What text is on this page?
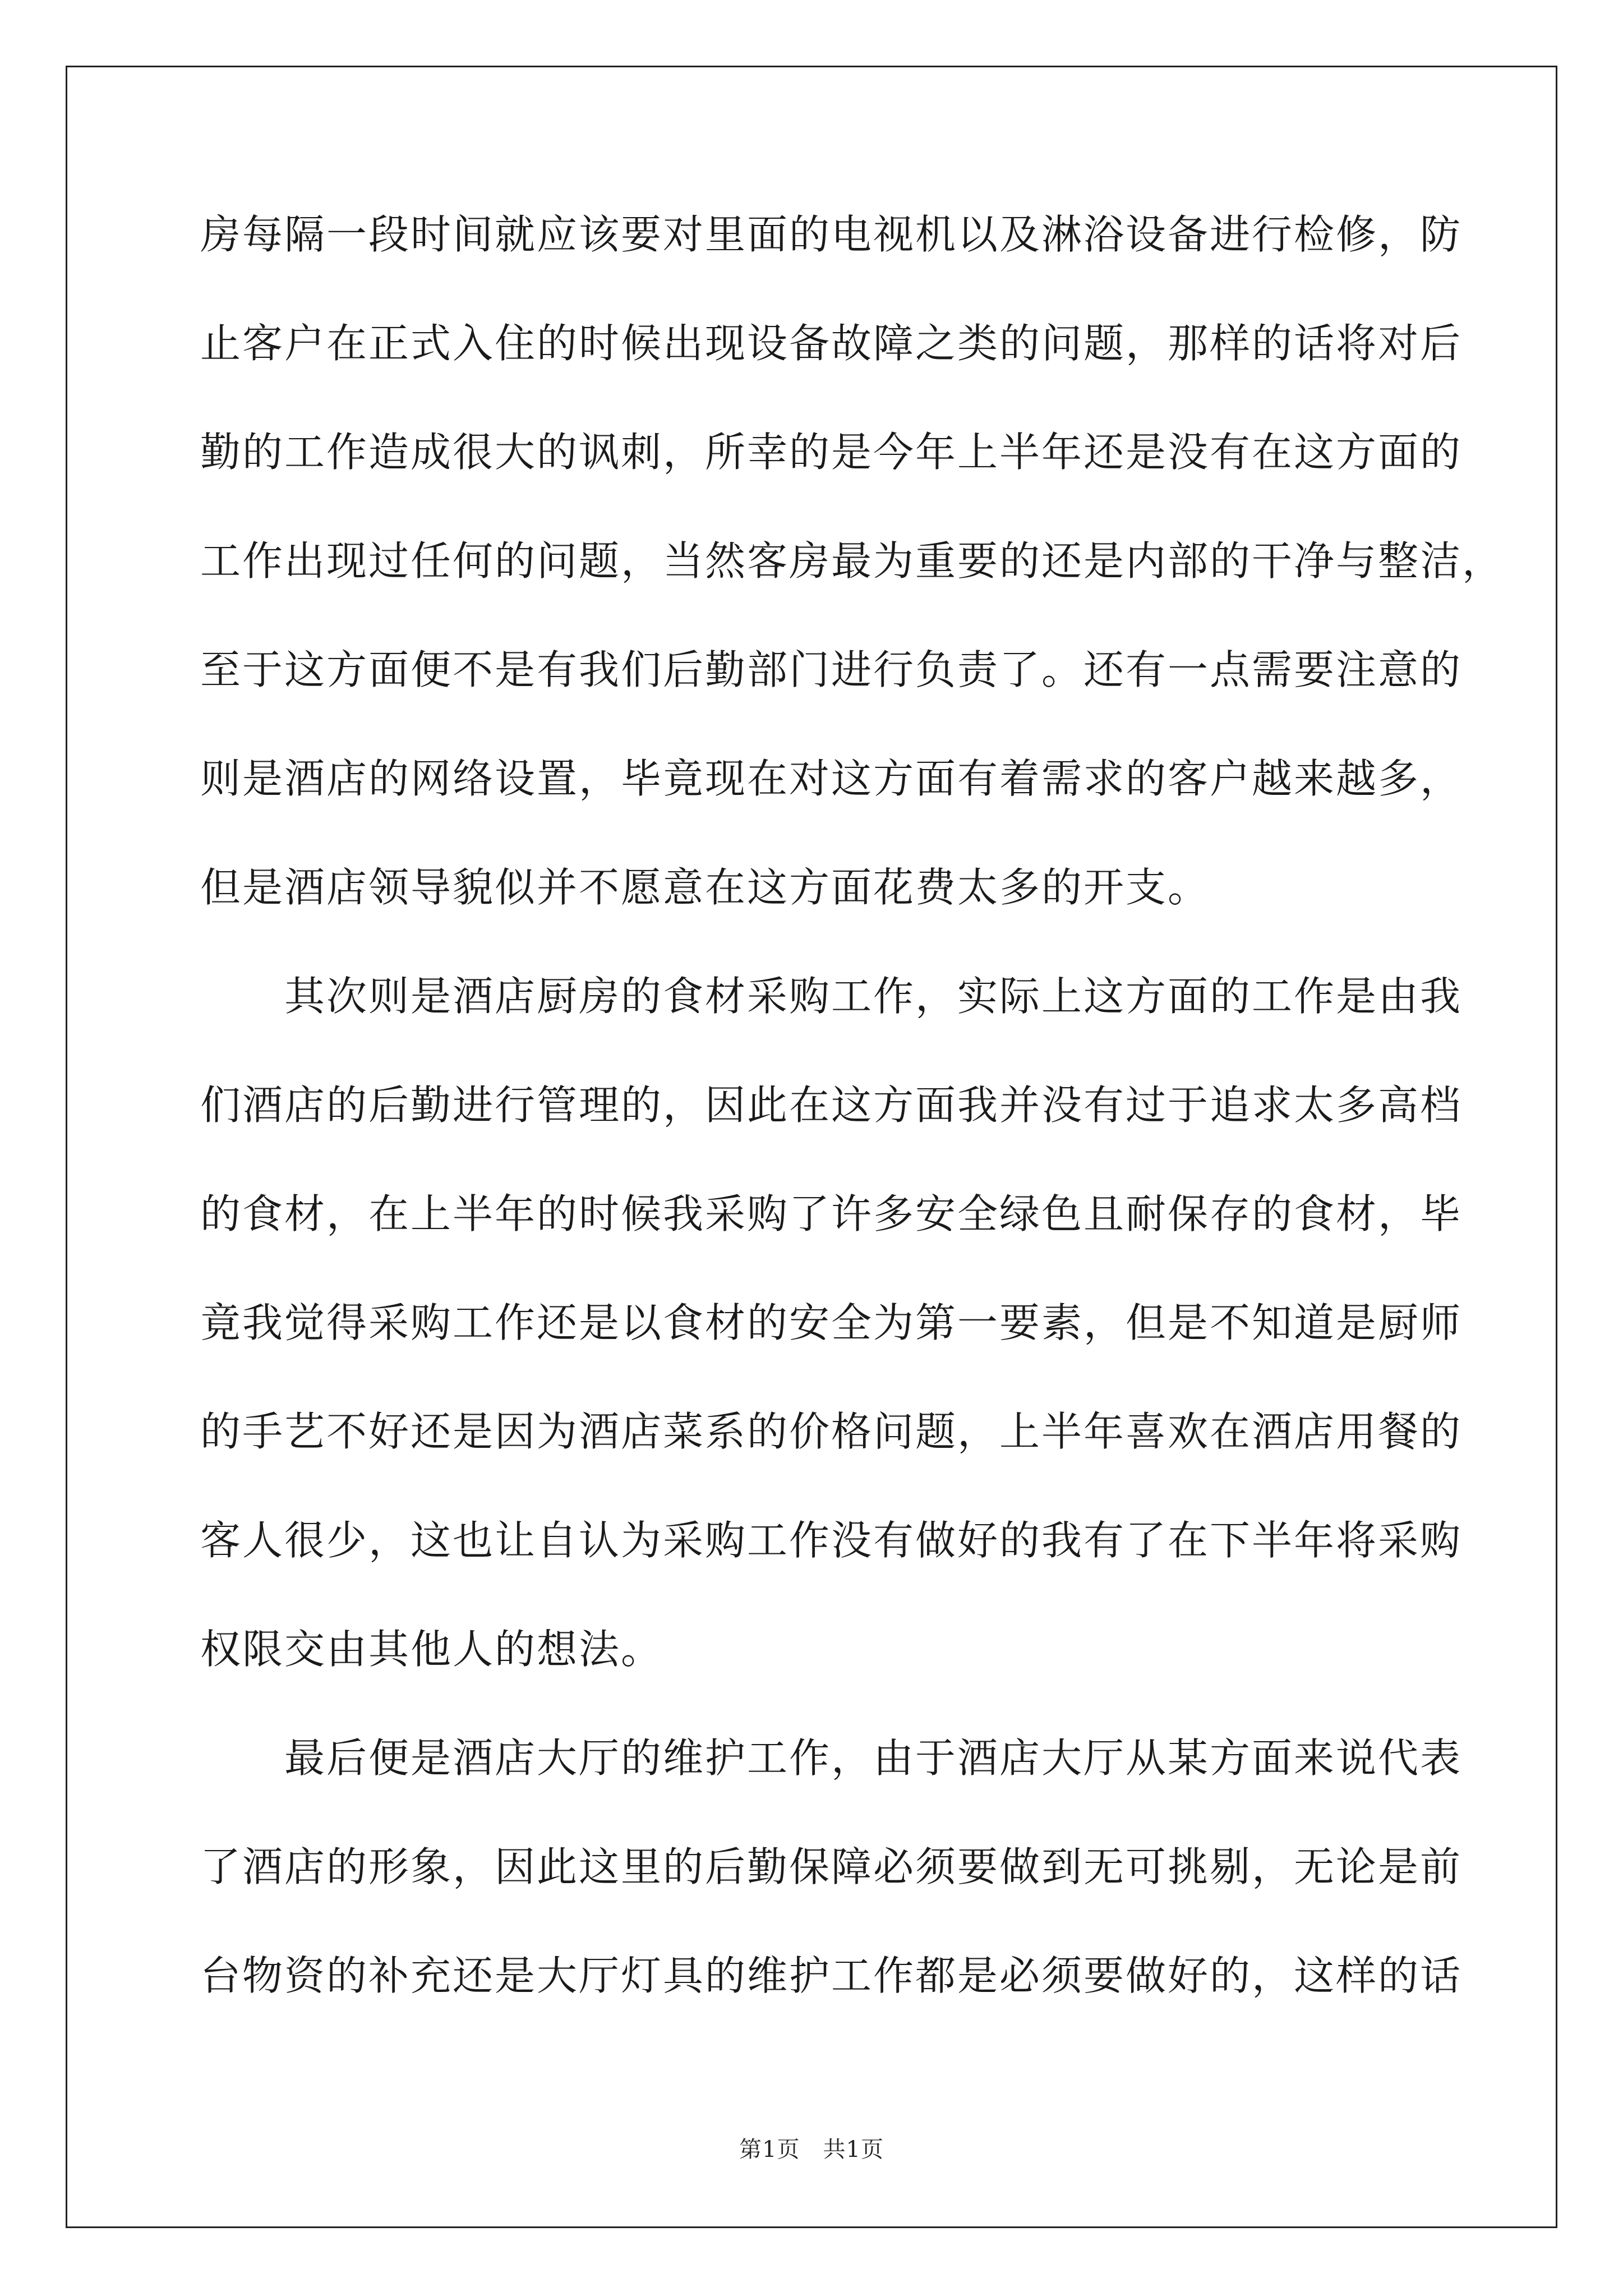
房每隔一段时间就应该要对里面的电视机以及淋浴设备进行检修，防
止客户在正式入住的时候出现设备故障之类的问题，那样的话将对后
勤的工作造成很大的讽刺，所幸的是今年上半年还是没有在这方面的
工作出现过任何的问题，当然客房最为重要的还是内部的干净与整洁，
至于这方面便不是有我们后勤部门进行负责了。还有一点需要注意的
则是酒店的网络设置，毕竟现在对这方面有着需求的客户越来越多，
但是酒店领导貌似并不愿意在这方面花费太多的开支。
　　其次则是酒店厨房的食材采购工作，实际上这方面的工作是由我
们酒店的后勤进行管理的，因此在这方面我并没有过于追求太多高档
的食材，在上半年的时候我采购了许多安全绿色且耐保存的食材，毕
竟我觉得采购工作还是以食材的安全为第一要素，但是不知道是厨师
的手艺不好还是因为酒店菜系的价格问题，上半年喜欢在酒店用餐的
客人很少，这也让自认为采购工作没有做好的我有了在下半年将采购
权限交由其他人的想法。
　　最后便是酒店大厅的维护工作，由于酒店大厅从某方面来说代表
了酒店的形象，因此这里的后勤保障必须要做到无可挑剔，无论是前
台物资的补充还是大厅灯具的维护工作都是必须要做好的，这样的话
第1页　共1页
